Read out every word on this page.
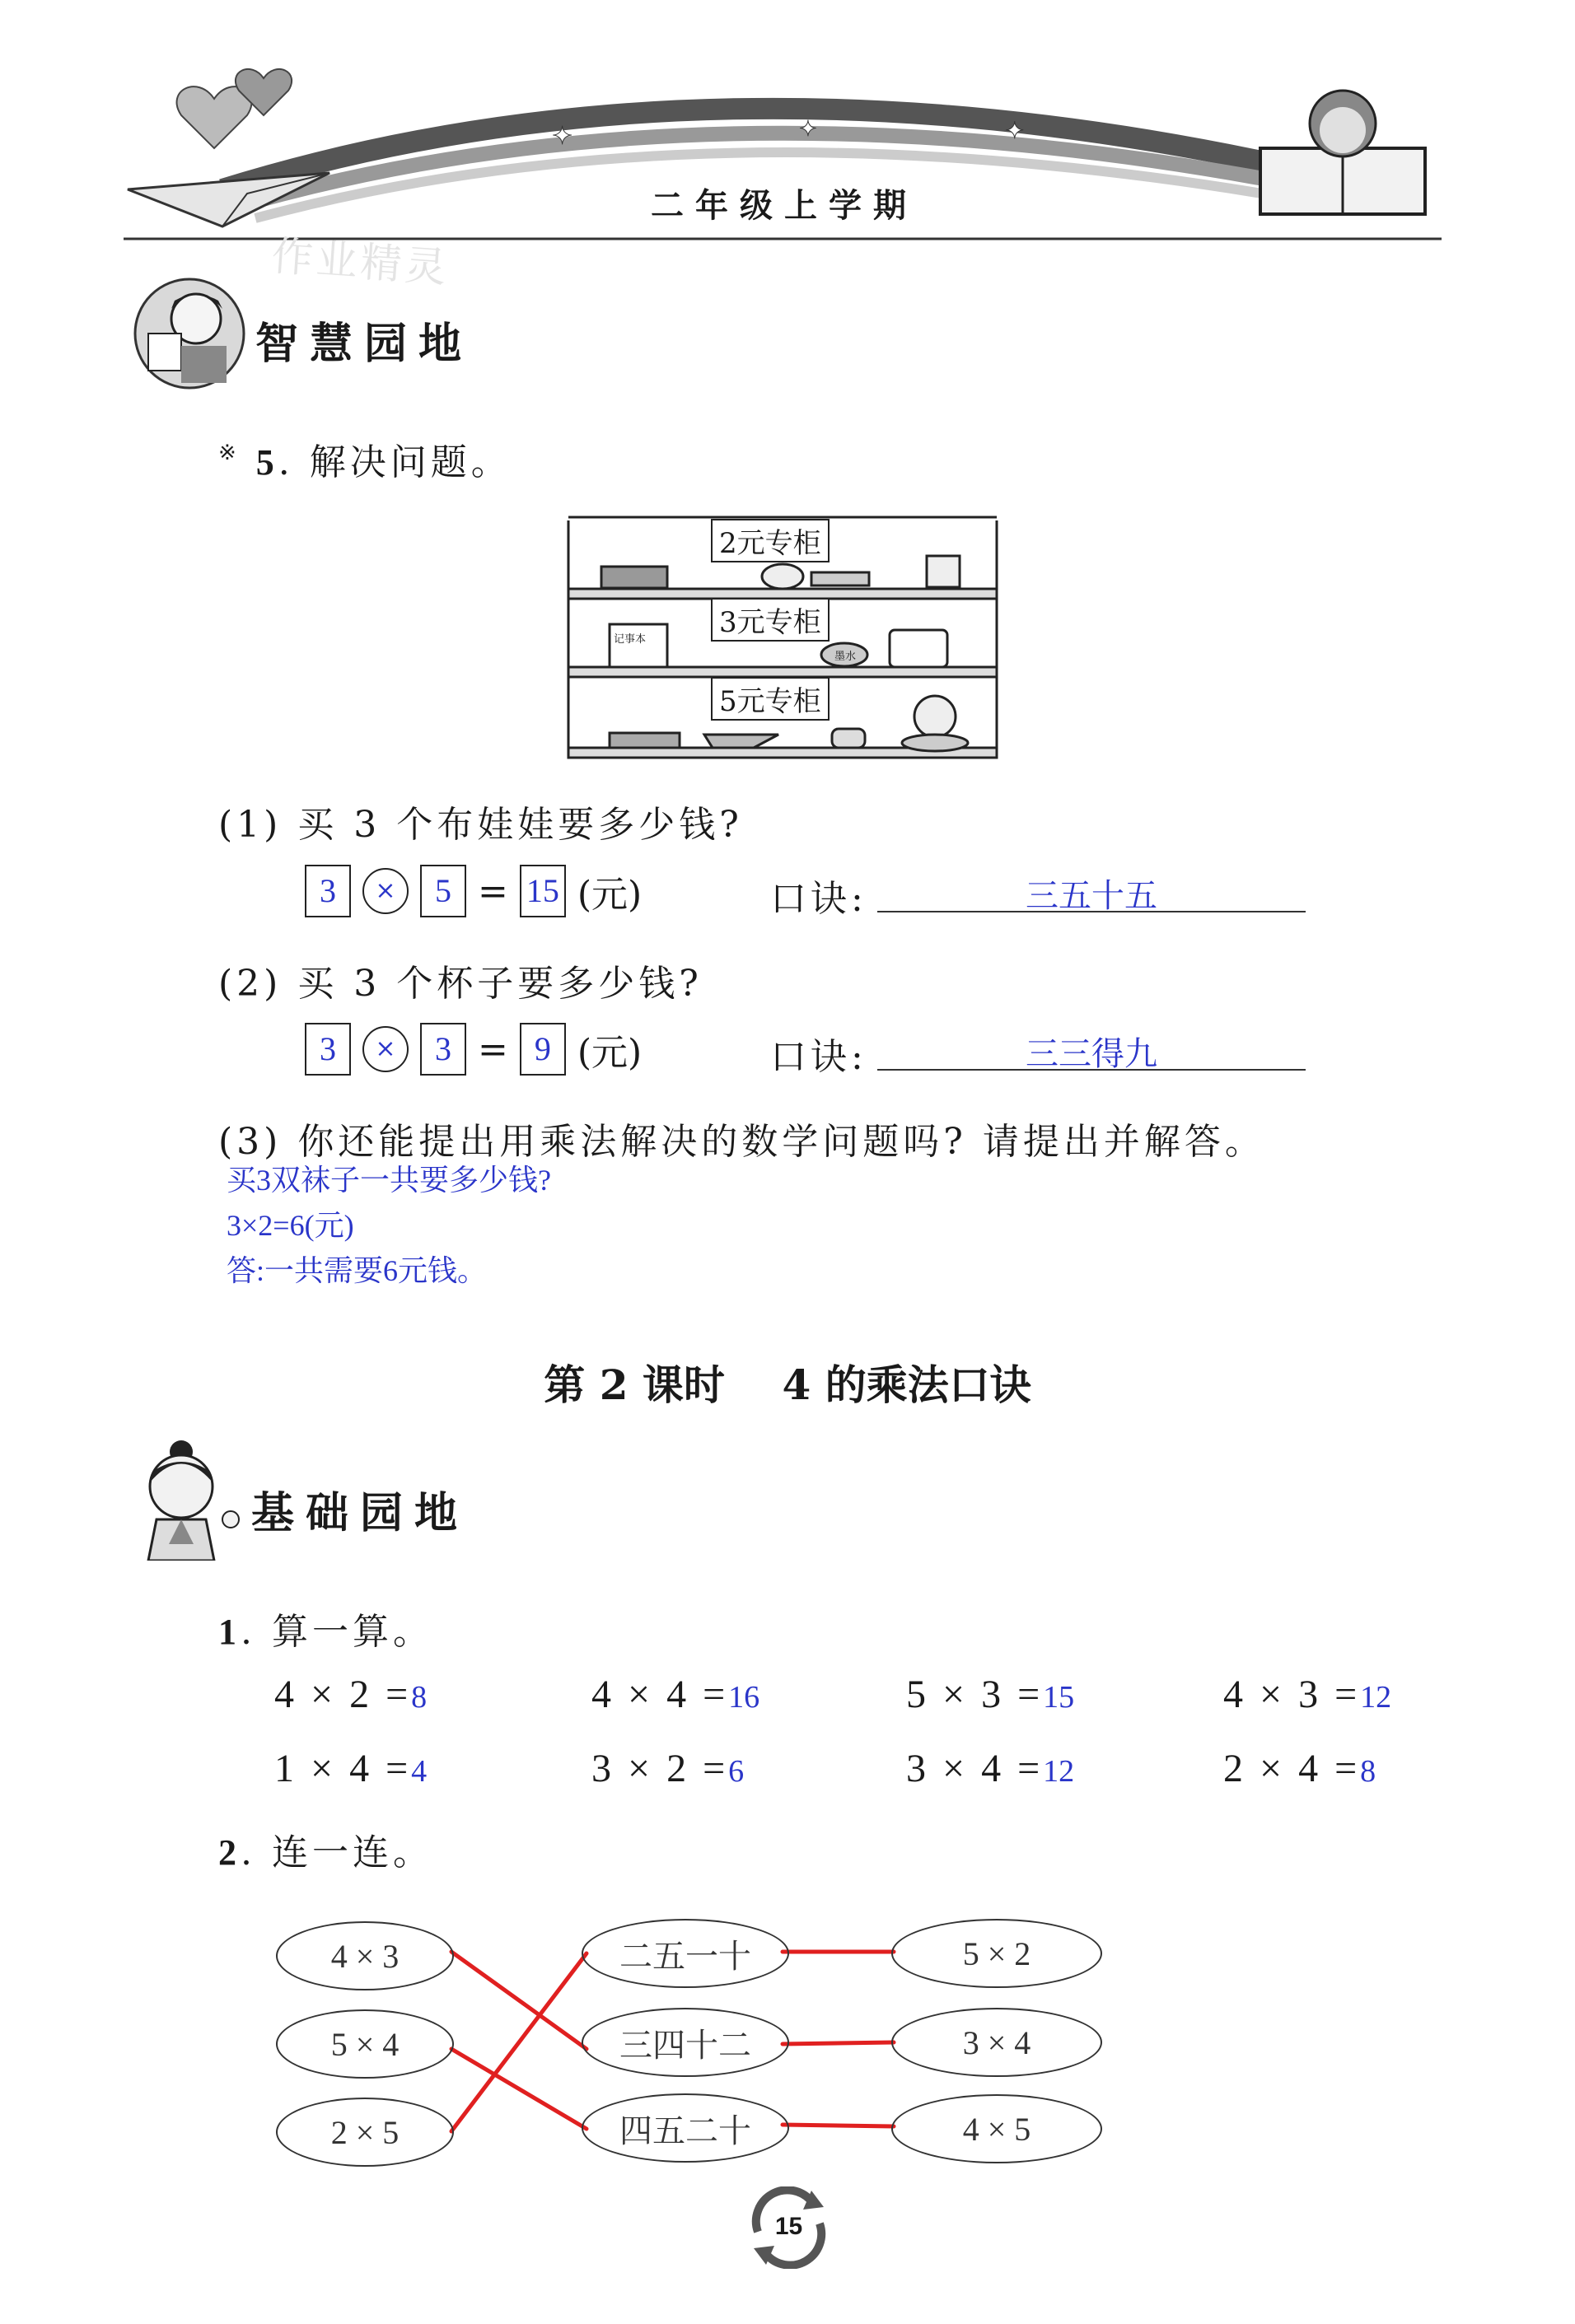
✦	✦	✦
二年级上学期
作业精灵
智慧园地
※ 5. 解决问题。
2元专柜
3元专柜
5元专柜
记事本
墨水
(1) 买 3 个布娃娃要多少钱?
3	×	5 = 15 (元)	口诀:	三五十五
(2) 买 3 个杯子要多少钱?
3	×	3 = 9 (元)	口诀:	三三得九
(3) 你还能提出用乘法解决的数学问题吗? 请提出并解答。
买3双袜子一共要多少钱?
3×2=6(元)
答:一共需要6元钱。
第 2 课时    4 的乘法口诀
基础园地
1. 算一算。
4 × 2 =8	4 × 4 =16	5 × 3 =15	4 × 3 =12
1 × 4 =4	3 × 2 =6	3 × 4 =12	2 × 4 =8
2. 连一连。
4 × 3
5 × 4
2 × 5
二五一十
三四十二
四五二十
5 × 2
3 × 4
4 × 5
15
